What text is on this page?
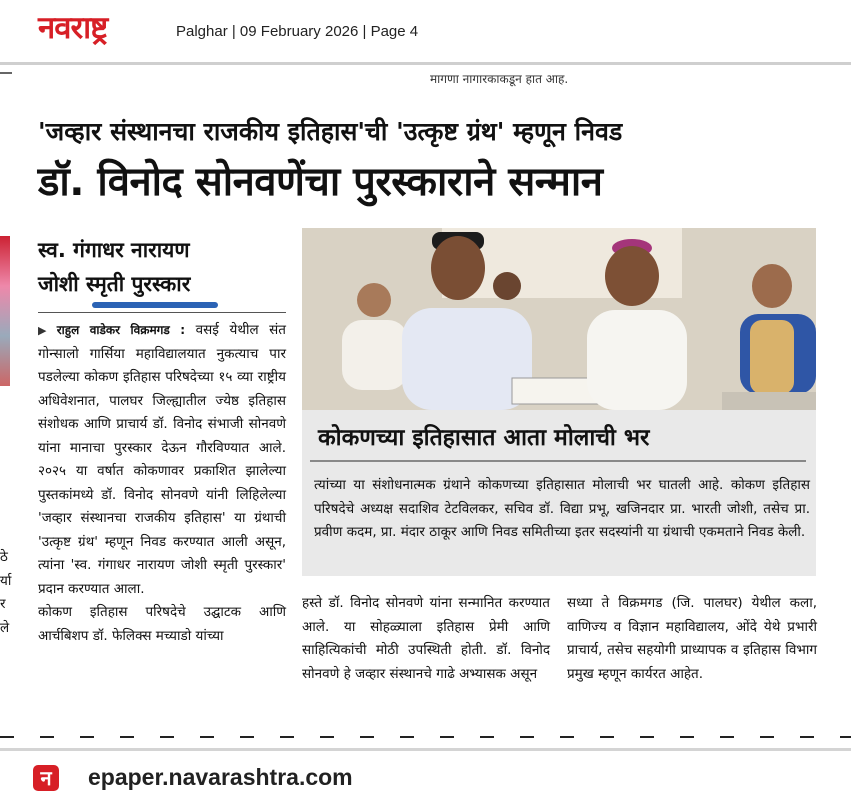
नवराष्ट्र	Palghar | 09 February 2026 | Page 4
मागणा नागारकाकडून हात आह.
'जव्हार संस्थानचा राजकीय इतिहास'ची 'उत्कृष्ट ग्रंथ' म्हणून निवड
डॉ. विनोद सोनवणेंचा पुरस्काराने सन्मान
स्व. गंगाधर नारायण
जोशी स्मृती पुरस्कार
▶ राहुल वाडेकर विक्रमगड : वसई येथील संत गोन्सालो गार्सिया महाविद्यालयात नुकत्याच पार पडलेल्या कोकण इतिहास परिषदेच्या १५ व्या राष्ट्रीय अधिवेशनात, पालघर जिल्ह्यातील ज्येष्ठ इतिहास संशोधक आणि प्राचार्य डॉ. विनोद संभाजी सोनवणे यांना मानाचा पुरस्कार देऊन गौरविण्यात आले. २०२५ या वर्षात कोकणावर प्रकाशित झालेल्या पुस्तकांमध्ये डॉ. विनोद सोनवणे यांनी लिहिलेल्या 'जव्हार संस्थानचा राजकीय इतिहास' या ग्रंथाची 'उत्कृष्ट ग्रंथ' म्हणून निवड करण्यात आली असून, त्यांना 'स्व. गंगाधर नारायण जोशी स्मृती पुरस्कार' प्रदान करण्यात आला.
कोकण इतिहास परिषदेचे उद्घाटक आणि आर्चबिशप डॉ. फेलिक्स मच्याडो यांच्या
ठे
र्या
र
ले
कोकणच्या इतिहासात आता मोलाची भर
त्यांच्या या संशोधनात्मक ग्रंथाने कोकणच्या इतिहासात मोलाची भर घातली आहे. कोकण इतिहास परिषदेचे अध्यक्ष सदाशिव टेटविलकर, सचिव डॉ. विद्या प्रभू, खजिनदार प्रा. भारती जोशी, तसेच प्रा. प्रवीण कदम, प्रा. मंदार ठाकूर आणि निवड समितीच्या इतर सदस्यांनी या ग्रंथाची एकमताने निवड केली.
हस्ते डॉ. विनोद सोनवणे यांना सन्मानित करण्यात आले. या सोहळ्याला इतिहास प्रेमी आणि साहित्यिकांची मोठी उपस्थिती होती. डॉ. विनोद सोनवणे हे जव्हार संस्थानचे गाढे अभ्यासक असून
सध्या ते विक्रमगड (जि. पालघर) येथील कला, वाणिज्य व विज्ञान महाविद्यालय, ओंदे येथे प्रभारी प्राचार्य, तसेच सहयोगी प्राध्यापक व इतिहास विभाग प्रमुख म्हणून कार्यरत आहेत.
न	epaper.navarashtra.com
